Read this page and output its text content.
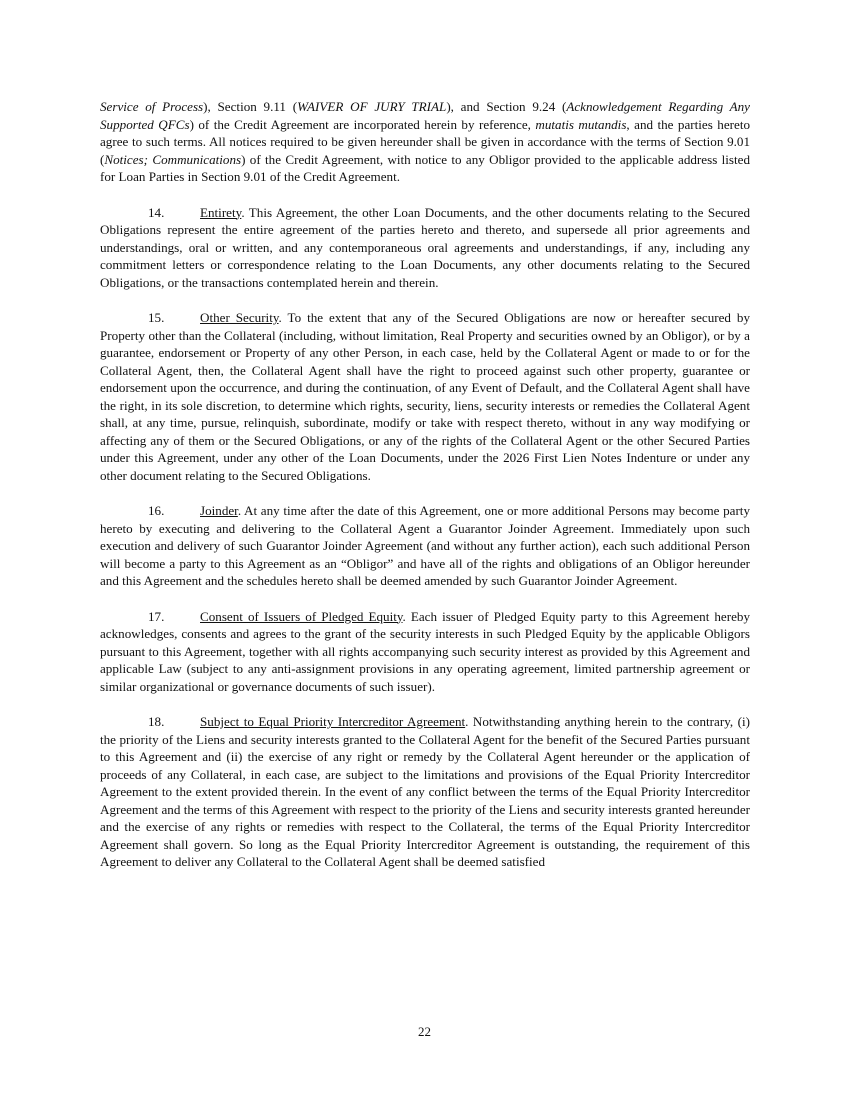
Service of Process), Section 9.11 (WAIVER OF JURY TRIAL), and Section 9.24 (Acknowledgement Regarding Any Supported QFCs) of the Credit Agreement are incorporated herein by reference, mutatis mutandis, and the parties hereto agree to such terms. All notices required to be given hereunder shall be given in accordance with the terms of Section 9.01 (Notices; Communications) of the Credit Agreement, with notice to any Obligor provided to the applicable address listed for Loan Parties in Section 9.01 of the Credit Agreement.

14.	Entirety. This Agreement, the other Loan Documents, and the other documents relating to the Secured Obligations represent the entire agreement of the parties hereto and thereto, and supersede all prior agreements and understandings, oral or written, and any contemporaneous oral agreements and understandings, if any, including any commitment letters or correspondence relating to the Loan Documents, any other documents relating to the Secured Obligations, or the transactions contemplated herein and therein.

15.	Other Security. To the extent that any of the Secured Obligations are now or hereafter secured by Property other than the Collateral (including, without limitation, Real Property and securities owned by an Obligor), or by a guarantee, endorsement or Property of any other Person, in each case, held by the Collateral Agent or made to or for the Collateral Agent, then, the Collateral Agent shall have the right to proceed against such other property, guarantee or endorsement upon the occurrence, and during the continuation, of any Event of Default, and the Collateral Agent shall have the right, in its sole discretion, to determine which rights, security, liens, security interests or remedies the Collateral Agent shall, at any time, pursue, relinquish, subordinate, modify or take with respect thereto, without in any way modifying or affecting any of them or the Secured Obligations, or any of the rights of the Collateral Agent or the other Secured Parties under this Agreement, under any other of the Loan Documents, under the 2026 First Lien Notes Indenture or under any other document relating to the Secured Obligations.

16.	Joinder. At any time after the date of this Agreement, one or more additional Persons may become party hereto by executing and delivering to the Collateral Agent a Guarantor Joinder Agreement. Immediately upon such execution and delivery of such Guarantor Joinder Agreement (and without any further action), each such additional Person will become a party to this Agreement as an “Obligor” and have all of the rights and obligations of an Obligor hereunder and this Agreement and the schedules hereto shall be deemed amended by such Guarantor Joinder Agreement.

17.	Consent of Issuers of Pledged Equity. Each issuer of Pledged Equity party to this Agreement hereby acknowledges, consents and agrees to the grant of the security interests in such Pledged Equity by the applicable Obligors pursuant to this Agreement, together with all rights accompanying such security interest as provided by this Agreement and applicable Law (subject to any anti-assignment provisions in any operating agreement, limited partnership agreement or similar organizational or governance documents of such issuer).

18.	Subject to Equal Priority Intercreditor Agreement. Notwithstanding anything herein to the contrary, (i) the priority of the Liens and security interests granted to the Collateral Agent for the benefit of the Secured Parties pursuant to this Agreement and (ii) the exercise of any right or remedy by the Collateral Agent hereunder or the application of proceeds of any Collateral, in each case, are subject to the limitations and provisions of the Equal Priority Intercreditor Agreement to the extent provided therein. In the event of any conflict between the terms of the Equal Priority Intercreditor Agreement and the terms of this Agreement with respect to the priority of the Liens and security interests granted hereunder and the exercise of any rights or remedies with respect to the Collateral, the terms of the Equal Priority Intercreditor Agreement shall govern. So long as the Equal Priority Intercreditor Agreement is outstanding, the requirement of this Agreement to deliver any Collateral to the Collateral Agent shall be deemed satisfied

22
